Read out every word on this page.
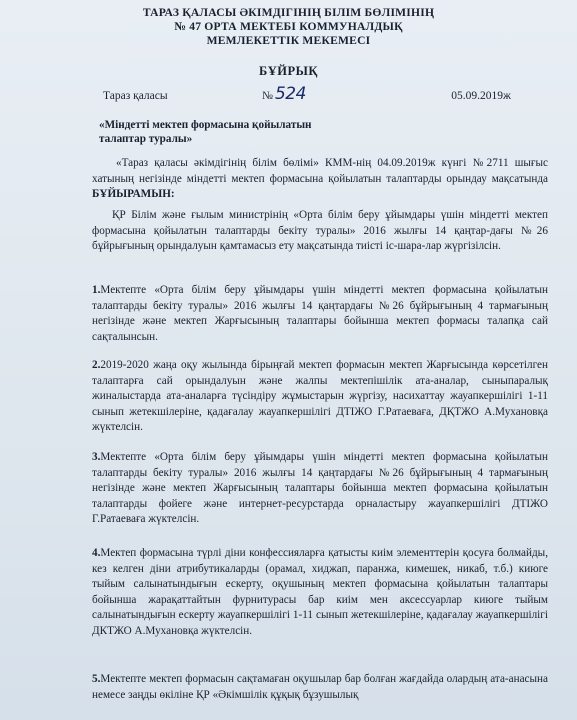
ТАРАЗ ҚАЛАСЫ ӘКІМДІГІНІҢ БІЛІМ БӨЛІМІНІҢ
№ 47 ОРТА МЕКТЕБІ КОММУНАЛДЫҚ
МЕМЛЕКЕТТІК МЕКЕМЕСІ
БҰЙРЫҚ
Тараз қаласы	№ 524	05.09.2019ж
«Міндетті мектеп формасына қойылатын талаптар туралы»
«Тараз қаласы әкімдігінің білім бөлімі» КММ-нің 04.09.2019ж күнгі №2711 шығыс хатының негізінде міндетті мектеп формасына қойылатын талаптарды орындау мақсатында БҰЙЫРАМЫН:
ҚР Білім және ғылым министрінің «Орта білім беру ұйымдары үшін міндетті мектеп формасына қойылатын талаптарды бекіту туралы» 2016 жылғы 14 қаңтар-дағы №26 бұйрығының орындалуын қамтамасыз ету мақсатында тиісті іс-шара-лар жүргізілсін.
1.Мектепте «Орта білім беру ұйымдары үшін міндетті мектеп формасына қойылатын талаптарды бекіту туралы» 2016 жылғы 14 қаңтардағы №26 бұйрығының 4 тармағының негізінде және мектеп Жарғысының талаптары бойынша мектеп формасы талапқа сай сақталынсын.
2.2019-2020 жаңа оқу жылында бірыңғай мектеп формасын мектеп Жарғысында көрсетілген талаптарға сай орындалуын және жалпы мектепішілік ата-аналар, сыныпаралық жиналыстарда ата-аналарға түсіндіру жұмыстарын жүргізу, насихаттау жауапкершілігі 1-11 сынып жетекшілеріне, қадағалау жауапкершілігі ДТІЖО Г.Ратаеваға, ДҚТЖО А.Мухановқа жүктелсін.
3.Мектепте «Орта білім беру ұйымдары үшін міндетті мектеп формасына қойылатын талаптарды бекіту туралы» 2016 жылғы 14 қаңтардағы №26 бұйрығының 4 тармағының негізінде және мектеп Жарғысының талаптары бойынша мектеп формасына қойылатын талаптарды фойеге және интернет-ресурстарда орналастыру жауапкершілігі ДТІЖО Г.Ратаеваға жүктелсін.
4.Мектеп формасына түрлі діни конфессияларға қатысты киім элементтерін қосуға болмайды, кез келген діни атрибутикаларды (орамал, хиджап, паранжа, кимешек, никаб, т.б.) киюге тыйым салынатындығын ескерту, оқушының мектеп формасына қойылатын талаптары бойынша жарақаттайтын фурнитурасы бар киім мен аксессуарлар киюге тыйым салынатындығын ескерту жауапкершілігі 1-11 сынып жетекшілеріне, қадағалау жауапкершілігі ДКТЖО А.Мухановқа жүктелсін.
5.Мектепте мектеп формасын сақтамаған оқушылар бар болған жағдайда олардың ата-анасына немесе заңды өкіліне ҚР «Әкімшілік құқық бұзушылық
